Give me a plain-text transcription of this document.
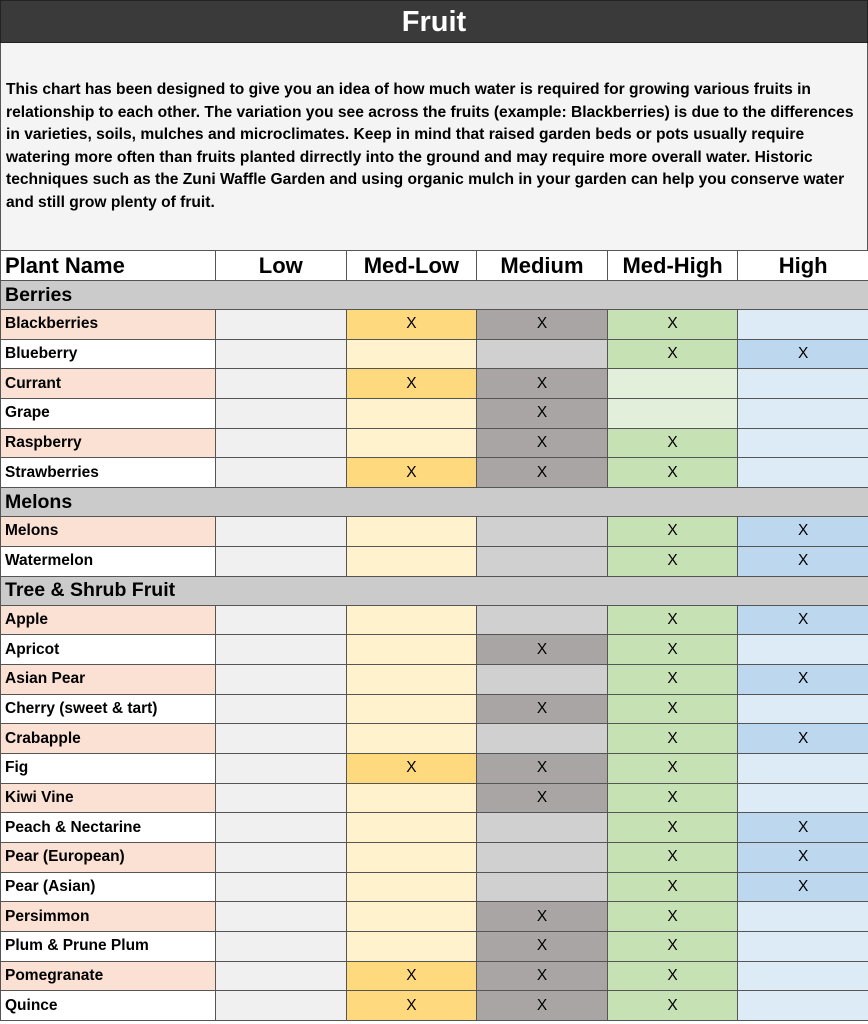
Fruit
This chart has been designed to give you an idea of how much water is required for growing various fruits in relationship to each other. The variation you see across the fruits (example: Blackberries) is due to the differences in varieties, soils, mulches and microclimates. Keep in mind that raised garden beds or pots usually require watering more often than fruits planted dirrectly into the ground and may require more overall water. Historic techniques such as the Zuni Waffle Garden and using organic mulch in your garden can help you conserve water and still grow plenty of fruit.
Plant Name	Low	Med-Low	Medium	Med-High	High
Berries					
Blackberries		X	X	X	
Blueberry				X	X
Currant		X	X		
Grape			X		
Raspberry			X	X	
Strawberries		X	X	X	
Melons					
Melons				X	X
Watermelon				X	X
Tree & Shrub Fruit					
Apple				X	X
Apricot			X	X	
Asian Pear				X	X
Cherry (sweet & tart)			X	X	
Crabapple				X	X
Fig		X	X	X	
Kiwi Vine			X	X	
Peach & Nectarine				X	X
Pear (European)				X	X
Pear (Asian)				X	X
Persimmon			X	X	
Plum & Prune Plum			X	X	
Pomegranate		X	X	X	
Quince		X	X	X	
